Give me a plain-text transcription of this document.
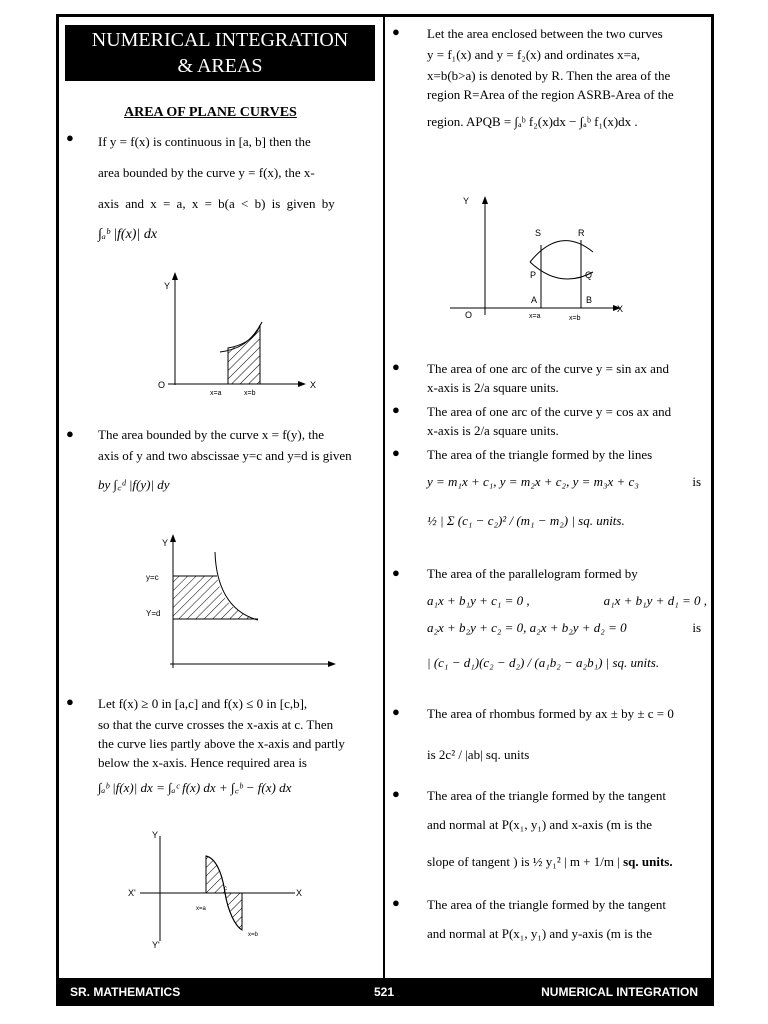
NUMERICAL INTEGRATION
& AREAS
AREA OF PLANE CURVES
● If y = f(x) is continuous in [a, b] then the
area bounded by the curve y = f(x), the x-
axis and x = a, x = b(a < b) is given by
∫ₐᵇ |f(x)| dx
Y
X
O
x=a	x=b
● The area bounded by the curve x = f(y), the
axis of y and two abscissae y=c and y=d is given
by ∫꜀ᵈ |f(y)| dy
Y
y=c
Y=d
● Let f(x) ≥ 0 in [a,c] and f(x) ≤ 0 in [c,b],
so that the curve crosses the x-axis at c. Then
the curve lies partly above the x-axis and partly
below the x-axis. Hence required area is
∫ₐᵇ |f(x)| dx = ∫ₐᶜ f(x) dx + ∫꜀ᵇ − f(x) dx
Y
Y'
X'	X
c
x=a
x=b
● Let the area enclosed between the two curves
y = f₁(x) and y = f₂(x) and ordinates x=a,
x=b(b>a) is denoted by R. Then the area of the
region R=Area of the region ASRB-Area of the
region. APQB = ∫ₐᵇ f₂(x)dx − ∫ₐᵇ f₁(x)dx .
Y
X
O
S	R
P	Q
A	B
x=a	x=b
● The area of one arc of the curve y = sin ax and
x-axis is 2/a square units.
● The area of one arc of the curve y = cos ax and
x-axis is 2/a square units.
● The area of the triangle formed by the lines
y = m₁x + c₁, y = m₂x + c₂, y = m₃x + c₃	is
½ | Σ (c₁ − c₂)² / (m₁ − m₂) | sq. units.
● The area of the parallelogram formed by
a₁x + b₁y + c₁ = 0 ,	a₁x + b₁y + d₁ = 0 ,
a₂x + b₂y + c₂ = 0, a₂x + b₂y + d₂ = 0	is
| (c₁ − d₁)(c₂ − d₂) / (a₁b₂ − a₂b₁) | sq. units.
● The area of rhombus formed by ax ± by ± c = 0
is 2c² / |ab| sq. units
● The area of the triangle formed by the tangent
and normal at P(x₁, y₁) and x-axis (m is the
slope of tangent ) is ½ y₁² | m + 1/m | sq. units.
● The area of the triangle formed by the tangent
and normal at P(x₁, y₁) and y-axis (m is the
SR. MATHEMATICS	521	NUMERICAL INTEGRATION
